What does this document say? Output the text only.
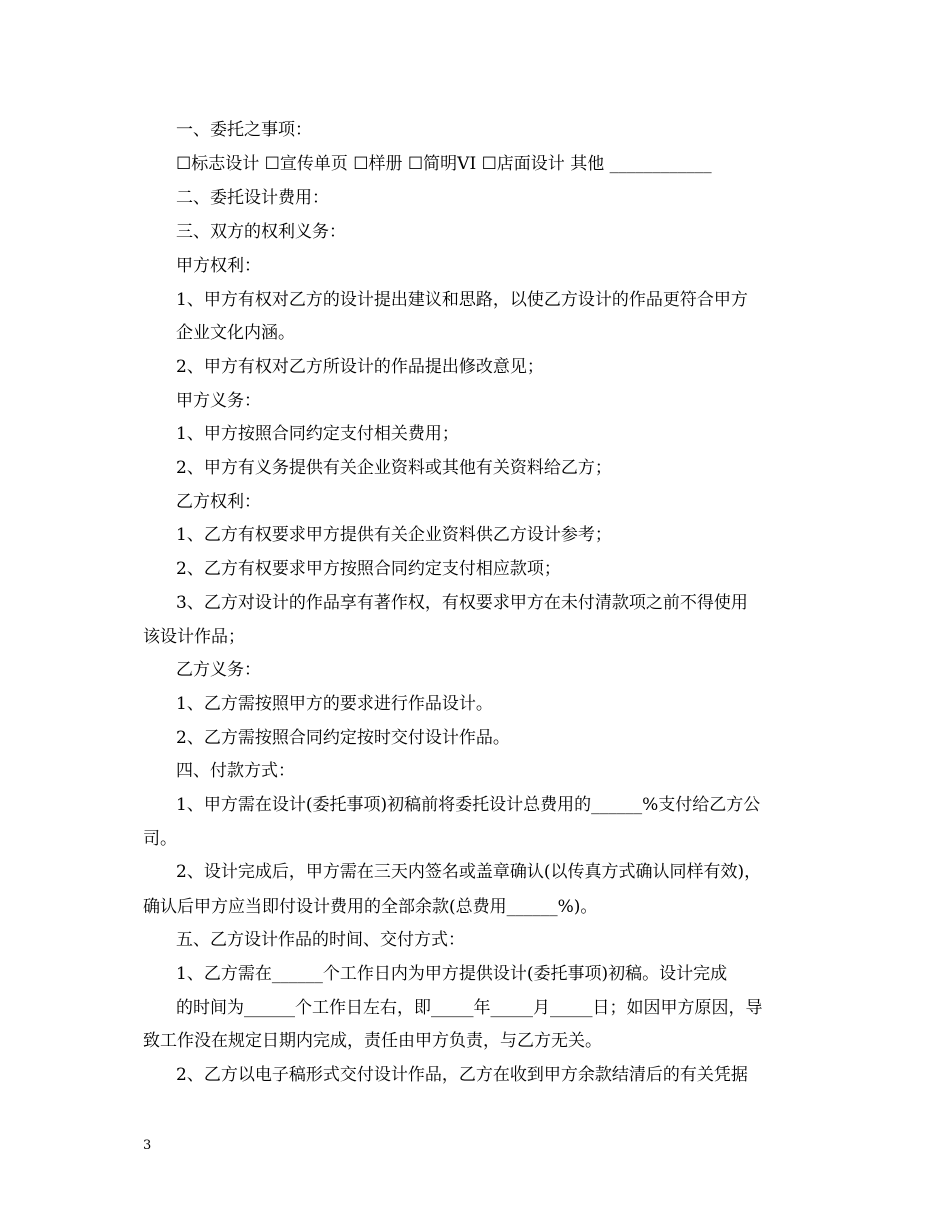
一、委托之事项：
☐标志设计 ☐宣传单页 ☐样册 ☐简明VI ☐店面设计 其他 ____________
二、委托设计费用：
三、双方的权利义务：
甲方权利：
1、甲方有权对乙方的设计提出建议和思路，以使乙方设计的作品更符合甲方
企业文化内涵。
2、甲方有权对乙方所设计的作品提出修改意见；
甲方义务：
1、甲方按照合同约定支付相关费用；
2、甲方有义务提供有关企业资料或其他有关资料给乙方；
乙方权利：
1、乙方有权要求甲方提供有关企业资料供乙方设计参考；
2、乙方有权要求甲方按照合同约定支付相应款项；
3、乙方对设计的作品享有著作权，有权要求甲方在未付清款项之前不得使用
该设计作品；
乙方义务：
1、乙方需按照甲方的要求进行作品设计。
2、乙方需按照合同约定按时交付设计作品。
四、付款方式：
1、甲方需在设计(委托事项)初稿前将委托设计总费用的______%支付给乙方公
司。
2、设计完成后，甲方需在三天内签名或盖章确认(以传真方式确认同样有效)，
确认后甲方应当即付设计费用的全部余款(总费用______%)。
五、乙方设计作品的时间、交付方式：
1、乙方需在______个工作日内为甲方提供设计(委托事项)初稿。设计完成
的时间为______个工作日左右，即_____年_____月_____日；如因甲方原因，导
致工作没在规定日期内完成，责任由甲方负责，与乙方无关。
2、乙方以电子稿形式交付设计作品，乙方在收到甲方余款结清后的有关凭据
3
